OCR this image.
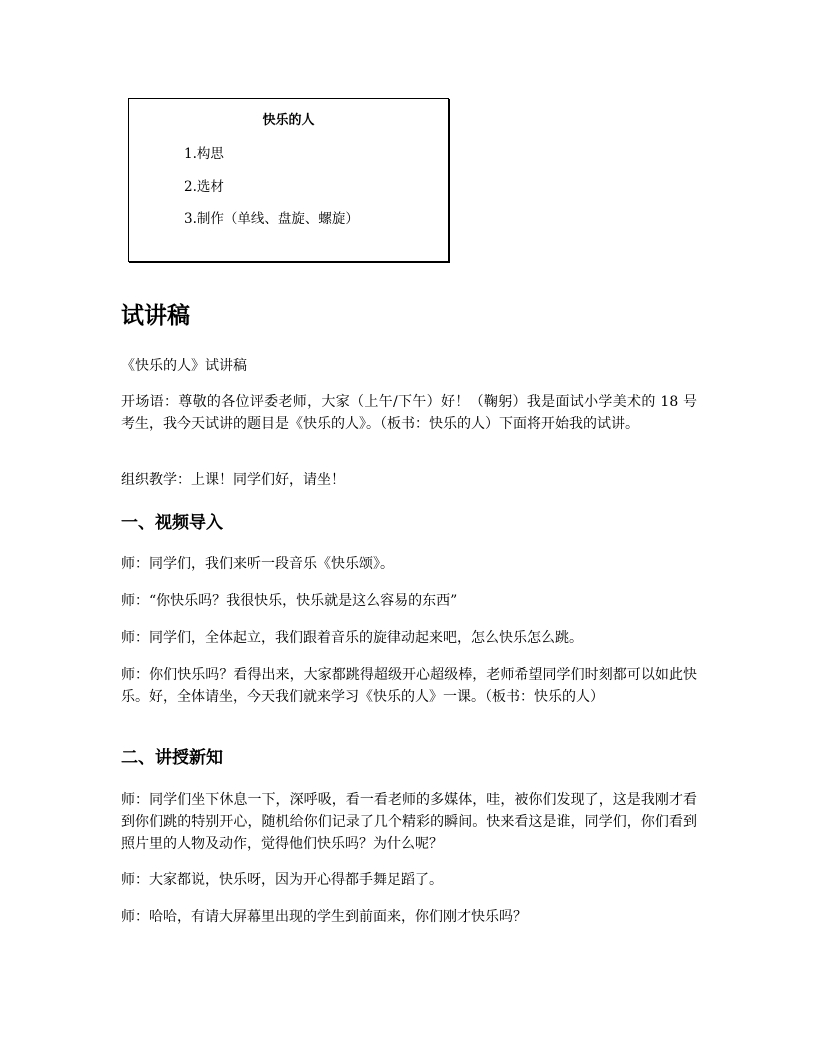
快乐的人
1.构思
2.选材
3.制作（单线、盘旋、螺旋）
试讲稿

《快乐的人》试讲稿

开场语：尊敬的各位评委老师，大家（上午/下午）好！（鞠躬）我是面试小学美术的 18 号考生，我今天试讲的题目是《快乐的人》。（板书：快乐的人）下面将开始我的试讲。

组织教学：上课！同学们好，请坐！

一、视频导入

师：同学们，我们来听一段音乐《快乐颂》。

师：“你快乐吗？我很快乐，快乐就是这么容易的东西”

师：同学们，全体起立，我们跟着音乐的旋律动起来吧，怎么快乐怎么跳。

师：你们快乐吗？看得出来，大家都跳得超级开心超级棒，老师希望同学们时刻都可以如此快乐。好，全体请坐，今天我们就来学习《快乐的人》一课。（板书：快乐的人）

二、讲授新知

师：同学们坐下休息一下，深呼吸，看一看老师的多媒体，哇，被你们发现了，这是我刚才看到你们跳的特别开心，随机给你们记录了几个精彩的瞬间。快来看这是谁，同学们，你们看到照片里的人物及动作，觉得他们快乐吗？为什么呢？

师：大家都说，快乐呀，因为开心得都手舞足蹈了。

师：哈哈，有请大屏幕里出现的学生到前面来，你们刚才快乐吗？
